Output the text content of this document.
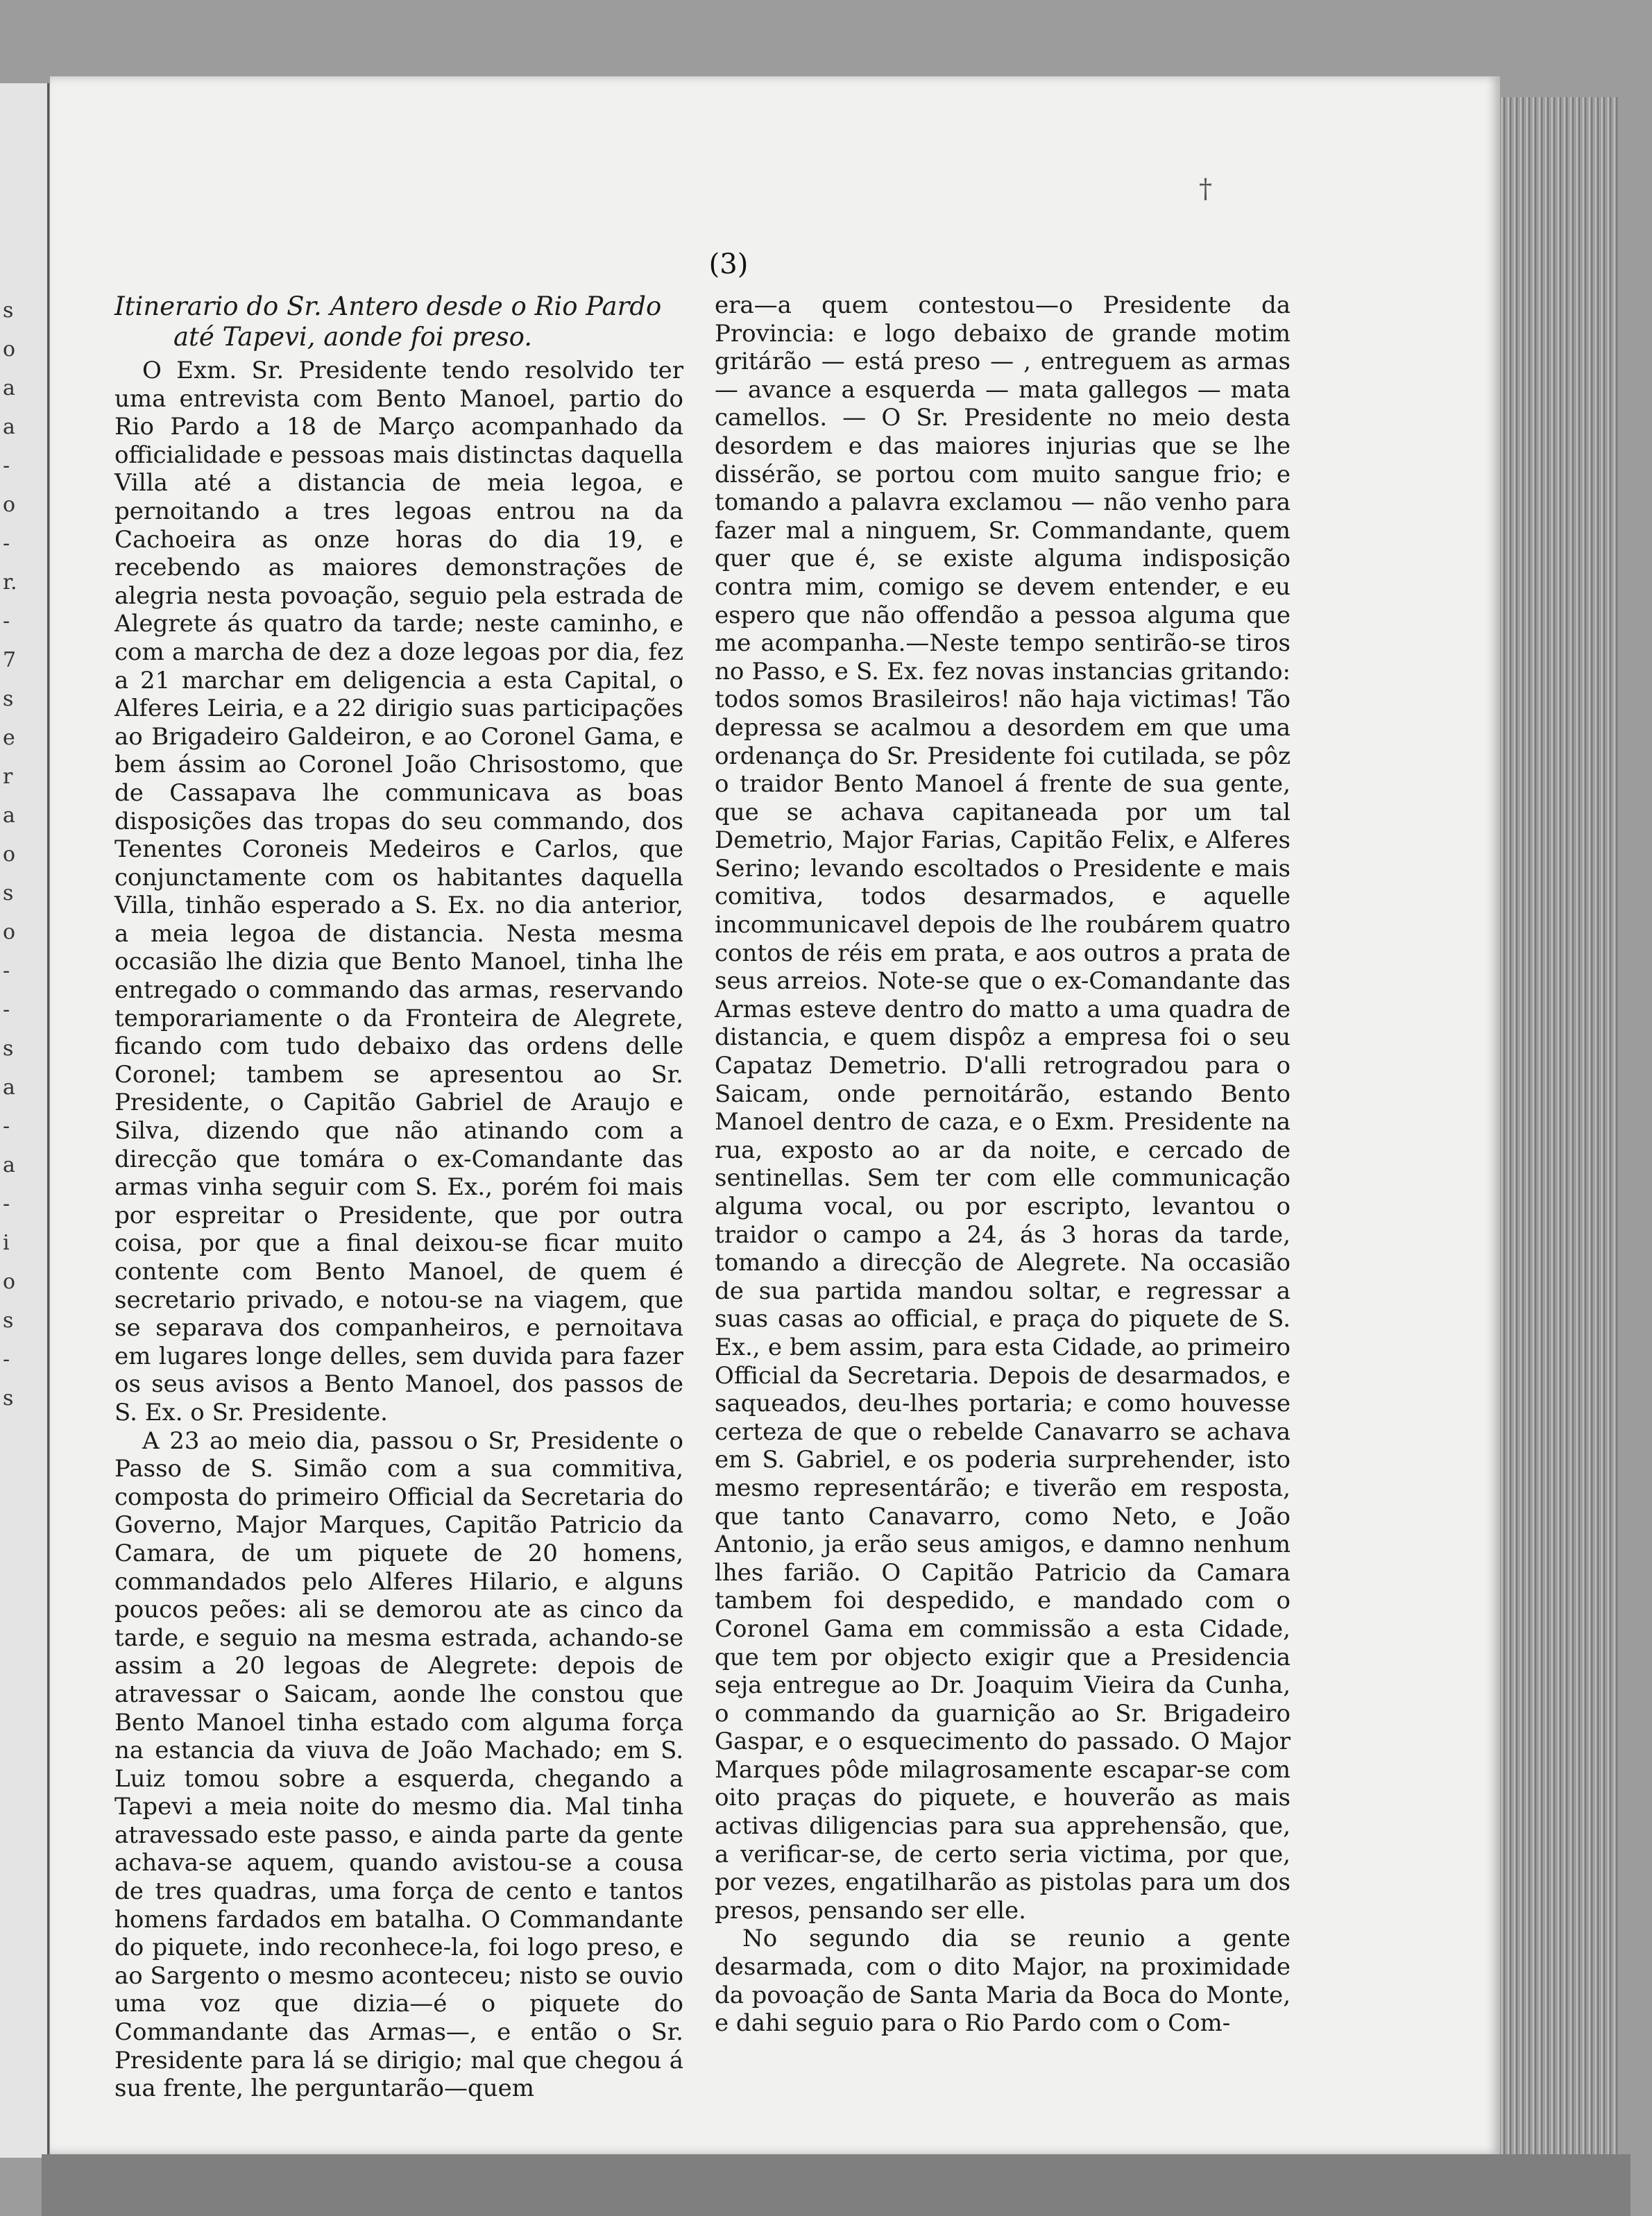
s
o
a
a
-
o
-
r.
-
7
s
e
r
a
o
s
o
-
-
s
a
-
a
-
i
o
s
-
s
(3)
†

Itinerario do Sr. Antero desde o Rio Pardo
até Tapevi, aonde foi preso.

O Exm. Sr. Presidente tendo resolvido ter uma entrevista com Bento Manoel, partio do Rio Pardo a 18 de Março acompanhado da officialidade e pessoas mais distinctas daquella Villa até a distancia de meia legoa, e pernoitando a tres legoas entrou na da Cachoeira as onze horas do dia 19, e recebendo as maiores demonstrações de alegria nesta povoação, seguio pela estrada de Alegrete ás quatro da tarde; neste caminho, e com a marcha de dez a doze legoas por dia, fez a 21 marchar em deligencia a esta Capital, o Alferes Leiria, e a 22 dirigio suas participações ao Brigadeiro Galdeiron, e ao Coronel Gama, e bem ássim ao Coronel João Chrisostomo, que de Cassapava lhe communicava as boas disposições das tropas do seu commando, dos Tenentes Coroneis Medeiros e Carlos, que conjunctamente com os habitantes daquella Villa, tinhão esperado a S. Ex. no dia anterior, a meia legoa de distancia. Nesta mesma occasião lhe dizia que Bento Manoel, tinha lhe entregado o commando das armas, reservando temporariamente o da Fronteira de Alegrete, ficando com tudo debaixo das ordens delle Coronel; tambem se apresentou ao Sr. Presidente, o Capitão Gabriel de Araujo e Silva, dizendo que não atinando com a direcção que tomára o ex-Comandante das armas vinha seguir com S. Ex., porém foi mais por espreitar o Presidente, que por outra coisa, por que a final deixou-se ficar muito contente com Bento Manoel, de quem é secretario privado, e notou-se na viagem, que se separava dos companheiros, e pernoitava em lugares longe delles, sem duvida para fazer os seus avisos a Bento Manoel, dos passos de S. Ex. o Sr. Presidente.

A 23 ao meio dia, passou o Sr, Presidente o Passo de S. Simão com a sua commitiva, composta do primeiro Official da Secretaria do Governo, Major Marques, Capitão Patricio da Camara, de um piquete de 20 homens, commandados pelo Alferes Hilario, e alguns poucos peões: ali se demorou ate as cinco da tarde, e seguio na mesma estrada, achando-se assim a 20 legoas de Alegrete: depois de atravessar o Saicam, aonde lhe constou que Bento Manoel tinha estado com alguma força na estancia da viuva de João Machado; em S. Luiz tomou sobre a esquerda, chegando a Tapevi a meia noite do mesmo dia. Mal tinha atravessado este passo, e ainda parte da gente achava-se aquem, quando avistou-se a cousa de tres quadras, uma força de cento e tantos homens fardados em batalha. O Commandante do piquete, indo reconhece-la, foi logo preso, e ao Sargento o mesmo aconteceu; nisto se ouvio uma voz que dizia—é o piquete do Commandante das Armas—, e então o Sr. Presidente para lá se dirigio; mal que chegou á sua frente, lhe perguntarão—quem

era—a quem contestou—o Presidente da Provincia: e logo debaixo de grande motim gritárão — está preso — , entreguem as armas — avance a esquerda — mata gallegos — mata camellos. — O Sr. Presidente no meio desta desordem e das maiores injurias que se lhe dissérão, se portou com muito sangue frio; e tomando a palavra exclamou — não venho para fazer mal a ninguem, Sr. Commandante, quem quer que é, se existe alguma indisposição contra mim, comigo se devem entender, e eu espero que não offendão a pessoa alguma que me acompanha.—Neste tempo sentirão-se tiros no Passo, e S. Ex. fez novas instancias gritando: todos somos Brasileiros! não haja victimas! Tão depressa se acalmou a desordem em que uma ordenança do Sr. Presidente foi cutilada, se pôz o traidor Bento Manoel á frente de sua gente, que se achava capitaneada por um tal Demetrio, Major Farias, Capitão Felix, e Alferes Serino; levando escoltados o Presidente e mais comitiva, todos desarmados, e aquelle incommunicavel depois de lhe roubárem quatro contos de réis em prata, e aos outros a prata de seus arreios. Note-se que o ex-Comandante das Armas esteve dentro do matto a uma quadra de distancia, e quem dispôz a empresa foi o seu Capataz Demetrio. D'alli retrogradou para o Saicam, onde pernoitárão, estando Bento Manoel dentro de caza, e o Exm. Presidente na rua, exposto ao ar da noite, e cercado de sentinellas. Sem ter com elle communicação alguma vocal, ou por escripto, levantou o traidor o campo a 24, ás 3 horas da tarde, tomando a direcção de Alegrete. Na occasião de sua partida mandou soltar, e regressar a suas casas ao official, e praça do piquete de S. Ex., e bem assim, para esta Cidade, ao primeiro Official da Secretaria. Depois de desarmados, e saqueados, deu-lhes portaria; e como houvesse certeza de que o rebelde Canavarro se achava em S. Gabriel, e os poderia surprehender, isto mesmo representárão; e tiverão em resposta, que tanto Canavarro, como Neto, e João Antonio, ja erão seus amigos, e damno nenhum lhes farião. O Capitão Patricio da Camara tambem foi despedido, e mandado com o Coronel Gama em commissão a esta Cidade, que tem por objecto exigir que a Presidencia seja entregue ao Dr. Joaquim Vieira da Cunha, o commando da guarnição ao Sr. Brigadeiro Gaspar, e o esquecimento do passado. O Major Marques pôde milagrosamente escapar-se com oito praças do piquete, e houverão as mais activas diligencias para sua apprehensão, que, a verificar-se, de certo seria victima, por que, por vezes, engatilharão as pistolas para um dos presos, pensando ser elle.

No segundo dia se reunio a gente desarmada, com o dito Major, na proximidade da povoação de Santa Maria da Boca do Monte, e dahi seguio para o Rio Pardo com o Com-
